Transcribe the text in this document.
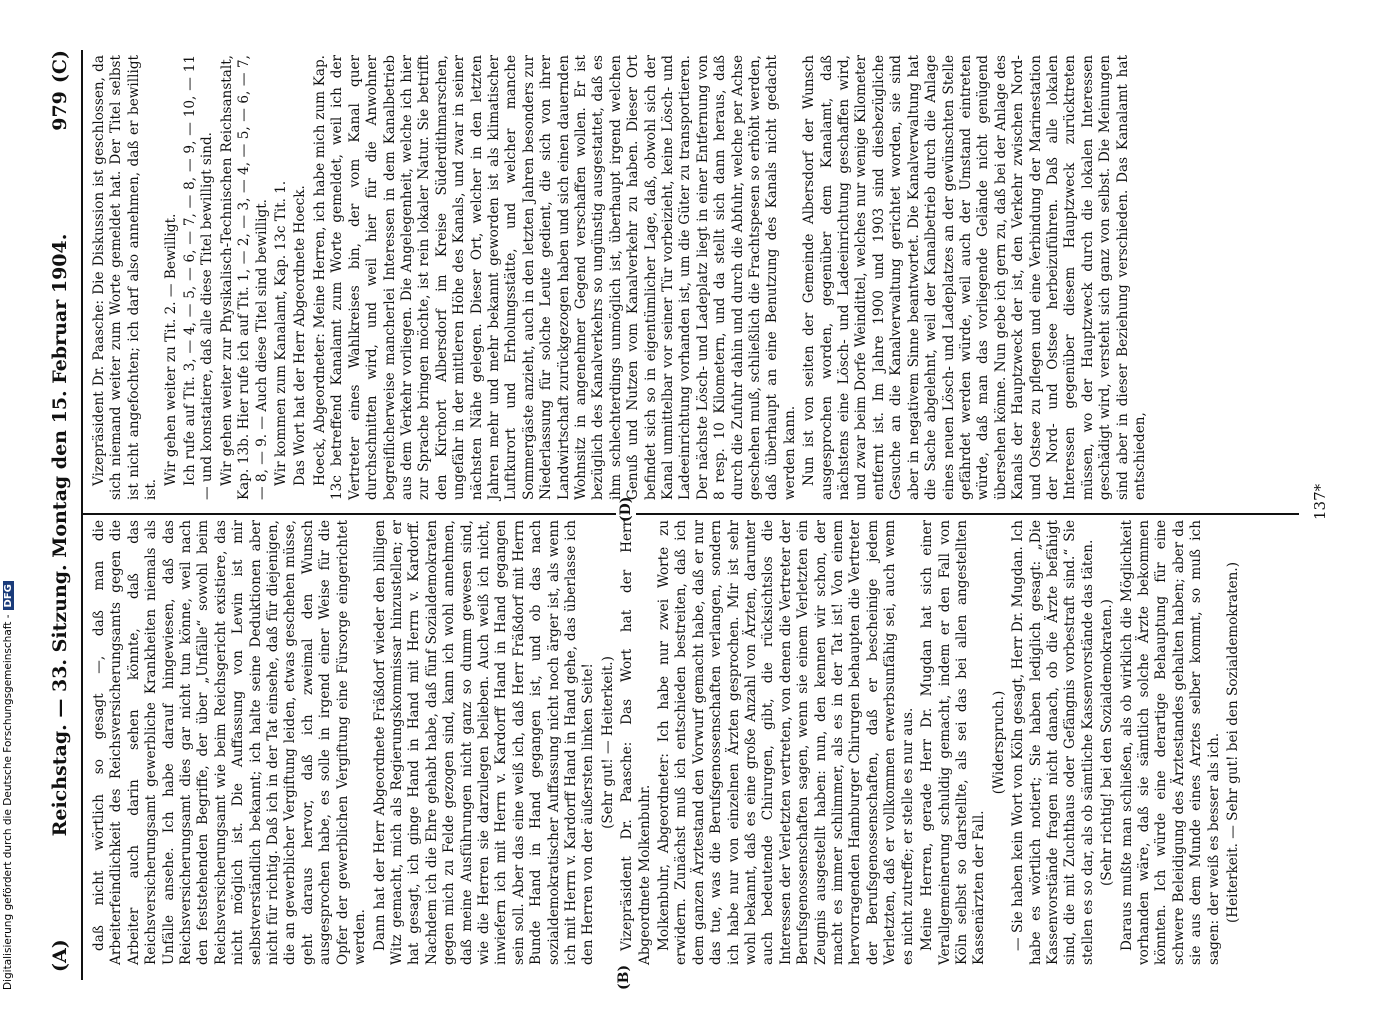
(A)
Reichstag. — 33. Sitzung. Montag den 15. Februar 1904.
979
(C)
(B)
(D)

daß nicht wörtlich so gesagt —, daß man die Arbeiterfeindlichkeit des Reichsversicherungsamts gegen die Arbeiter auch darin sehen könnte, daß das Reichsversicherungsamt gewerbliche Krankheiten niemals als Unfälle ansehe. Ich habe darauf hingewiesen, daß das Reichsversicherungsamt dies gar nicht tun könne, weil nach den feststehenden Begriffe, der über „Unfälle“ sowohl beim Reichsversicherungsamt wie beim Reichsgericht existiere, das nicht möglich ist. Die Auffassung von Lewin ist mir selbstverständlich bekannt; ich halte seine Deduktionen aber nicht für richtig. Daß ich in der Tat einsehe, daß für diejenigen, die an gewerblicher Vergiftung leiden, etwas geschehen müsse, geht daraus hervor, daß ich zweimal den Wunsch ausgesprochen habe, es solle in irgend einer Weise für die Opfer der gewerblichen Vergiftung eine Fürsorge eingerichtet werden. Dann hat der Herr Abgeordnete Fräßdorf wieder den billigen Witz gemacht, mich als Regierungskommissar hinzustellen; er hat gesagt, ich ginge Hand in Hand mit Herrn v. Kardorff. Nachdem ich die Ehre gehabt habe, daß fünf Sozialdemokraten gegen mich zu Felde gezogen sind, kann ich wohl annehmen, daß meine Ausführungen nicht ganz so dumm gewesen sind, wie die Herren sie darzulegen belieben. Auch weiß ich nicht, inwiefern ich mit Herrn v. Kardorff Hand in Hand gegangen sein soll. Aber das eine weiß ich, daß Herr Fräßdorf mit Herrn Bunde Hand in Hand gegangen ist, und ob das nach sozialdemokratischer Auffassung nicht noch ärger ist, als wenn ich mit Herrn v. Kardorff Hand in Hand gehe, das überlasse ich den Herren von der äußersten linken Seite! (Sehr gut! — Heiterkeit.) Vizepräsident Dr. Paasche: Das Wort hat der Herr Abgeordnete Molkenbuhr. Molkenbuhr, Abgeordneter: Ich habe nur zwei Worte zu erwidern. Zunächst muß ich entschieden bestreiten, daß ich dem ganzen Ärztestand den Vorwurf gemacht habe, daß er nur das tue, was die Berufsgenossenschaften verlangen, sondern ich habe nur von einzelnen Ärzten gesprochen. Mir ist sehr wohl bekannt, daß es eine große Anzahl von Ärzten, darunter auch bedeutende Chirurgen, gibt, die rücksichtslos die Interessen der Verletzten vertreten, von denen die Vertreter der Berufsgenossenschaften sagen, wenn sie einem Verletzten ein Zeugnis ausgestellt haben: nun, den kennen wir schon, der macht es immer schlimmer, als es in der Tat ist! Von einem hervorragenden Hamburger Chirurgen behaupten die Vertreter der Berufsgenossenschaften, daß er bescheinige jedem Verletzten, daß er vollkommen erwerbsunfähig sei, auch wenn es nicht zutreffe; er stelle es nur aus. Meine Herren, gerade Herr Dr. Mugdan hat sich einer Verallgemeinerung schuldig gemacht, indem er den Fall von Köln selbst so darstellte, als sei das bei allen angestellten Kassenärzten der Fall.

(Widerspruch.) — Sie haben kein Wort von Köln gesagt, Herr Dr. Mugdan. Ich habe es wörtlich notiert; Sie haben lediglich gesagt: „Die Kassenvorstände fragen nicht danach, ob die Ärzte befähigt sind, die mit Zuchthaus oder Gefängnis vorbestraft sind.“ Sie stellen es so dar, als ob sämtliche Kassenvorstände das täten. (Sehr richtig! bei den Sozialdemokraten.) Daraus mußte man schließen, als ob wirklich die Möglichkeit vorhanden wäre, daß sie sämtlich solche Ärzte bekommen könnten. Ich würde eine derartige Behauptung für eine schwere Beleidigung des Ärztestandes gehalten haben; aber da sie aus dem Munde eines Arztes selber kommt, so muß ich sagen: der weiß es besser als ich. (Heiterkeit. — Sehr gut! bei den Sozialdemokraten.)

Vizepräsident Dr. Paasche: Die Diskussion ist geschlossen, da sich niemand weiter zum Worte gemeldet hat. Der Titel selbst ist nicht angefochten; ich darf also annehmen, daß er bewilligt ist.

Wir gehen weiter zu Tit. 2. — Bewilligt. Ich rufe auf Tit. 3, — 4, — 5, — 6, — 7, — 8, — 9, — 10, — 11 — und konstatiere, daß alle diese Titel bewilligt sind. Wir gehen weiter zur Physikalisch-Technischen Reichsanstalt, Kap. 13b. Hier rufe ich auf Tit. 1, — 2, — 3, — 4, — 5, — 6, — 7, — 8, — 9. — Auch diese Titel sind bewilligt. Wir kommen zum Kanalamt, Kap. 13c Tit. 1. Das Wort hat der Herr Abgeordnete Hoeck. Hoeck, Abgeordneter: Meine Herren, ich habe mich zum Kap. 13c betreffend Kanalamt zum Worte gemeldet, weil ich der Vertreter eines Wahlkreises bin, der vom Kanal quer durchschnitten wird, und weil hier für die Anwohner begreiflicherweise mancherlei Interessen in dem Kanalbetrieb aus dem Verkehr vorliegen. Die Angelegenheit, welche ich hier zur Sprache bringen möchte, ist rein lokaler Natur. Sie betrifft den Kirchort Albersdorf im Kreise Süderdithmarschen, ungefähr in der mittleren Höhe des Kanals, und zwar in seiner nächsten Nähe gelegen. Dieser Ort, welcher in den letzten Jahren mehr und mehr bekannt geworden ist als klimatischer Luftkurort und Erholungsstätte, und welcher manche Sommergäste anzieht, auch in den letzten Jahren besonders zur Niederlassung für solche Leute gedient, die sich von ihrer Landwirtschaft zurückgezogen haben und sich einen dauernden Wohnsitz in angenehmer Gegend verschaffen wollen. Er ist bezüglich des Kanalverkehrs so ungünstig ausgestattet, daß es ihm schlechterdings unmöglich ist, überhaupt irgend welchen Genuß und Nutzen vom Kanalverkehr zu haben. Dieser Ort befindet sich so in eigentümlicher Lage, daß, obwohl sich der Kanal unmittelbar vor seiner Tür vorbeizieht, keine Lösch- und Ladeeinrichtung vorhanden ist, um die Güter zu transportieren. Der nächste Lösch- und Ladeplatz liegt in einer Entfernung von 8 resp. 10 Kilometern, und da stellt sich dann heraus, daß durch die Zufuhr dahin und durch die Abfuhr, welche per Achse geschehen muß, schließlich die Frachtspesen so erhöht werden, daß überhaupt an eine Benutzung des Kanals nicht gedacht werden kann. Nun ist von seiten der Gemeinde Albersdorf der Wunsch ausgesprochen worden, gegenüber dem Kanalamt, daß nächstens eine Lösch- und Ladeeinrichtung geschaffen wird, und zwar beim Dorfe Weindittel, welches nur wenige Kilometer entfernt ist. Im Jahre 1900 und 1903 sind diesbezügliche Gesuche an die Kanalverwaltung gerichtet worden, sie sind aber in negativem Sinne beantwortet. Die Kanalverwaltung hat die Sache abgelehnt, weil der Kanalbetrieb durch die Anlage eines neuen Lösch- und Ladeplatzes an der gewünschten Stelle gefährdet werden würde, weil auch der Umstand eintreten würde, daß man das vorliegende Gelände nicht genügend übersehen könne. Nun gebe ich gern zu, daß bei der Anlage des Kanals der Hauptzweck der ist, den Verkehr zwischen Nord- und Ostsee zu pflegen und eine Verbindung der Marinestation der Nord- und Ostsee herbeizuführen. Daß alle lokalen Interessen gegenüber diesem Hauptzweck zurücktreten müssen, wo der Hauptzweck durch die lokalen Interessen geschädigt wird, versteht sich ganz von selbst. Die Meinungen sind aber in dieser Beziehung verschieden. Das Kanalamt hat entschieden,

137*
Digitalisierung gefördert durch die Deutsche Forschungsgemeinschaft -DFG
